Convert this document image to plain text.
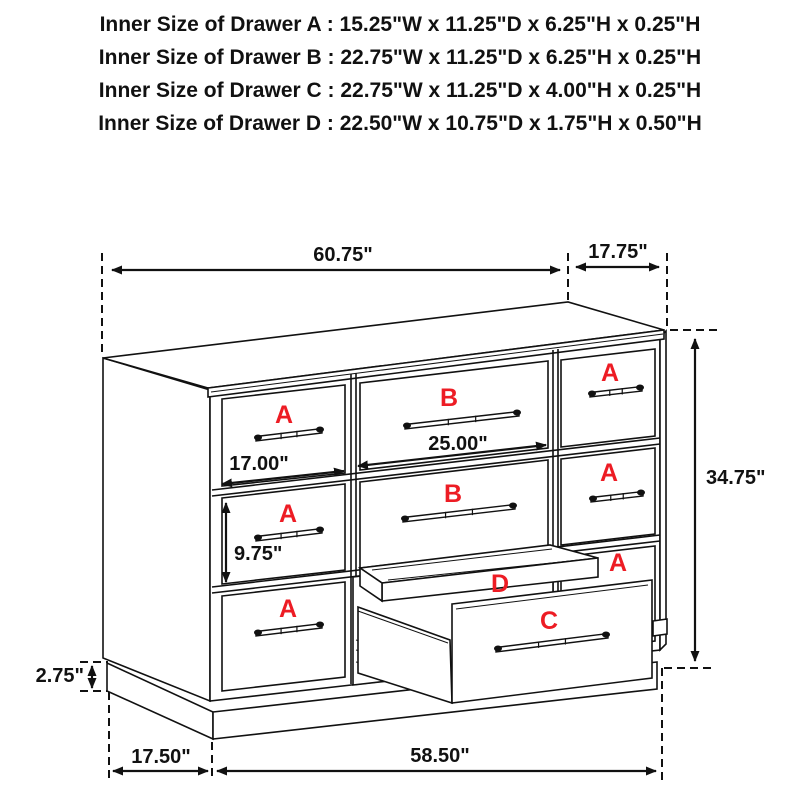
Inner Size of Drawer A : 15.25"W x 11.25"D x 6.25"H x 0.25"H
Inner Size of Drawer B : 22.75"W x 11.25"D x 6.25"H x 0.25"H
Inner Size of Drawer C : 22.75"W x 11.25"D x 4.00"H x 0.25"H
Inner Size of Drawer D : 22.50"W x 10.75"D x 1.75"H x 0.50"H
A
A
A
B
B
A
A
A
D
C
60.75"	17.75"
34.75"
25.00"
17.00"
9.75"
2.75"
17.50"	58.50"
